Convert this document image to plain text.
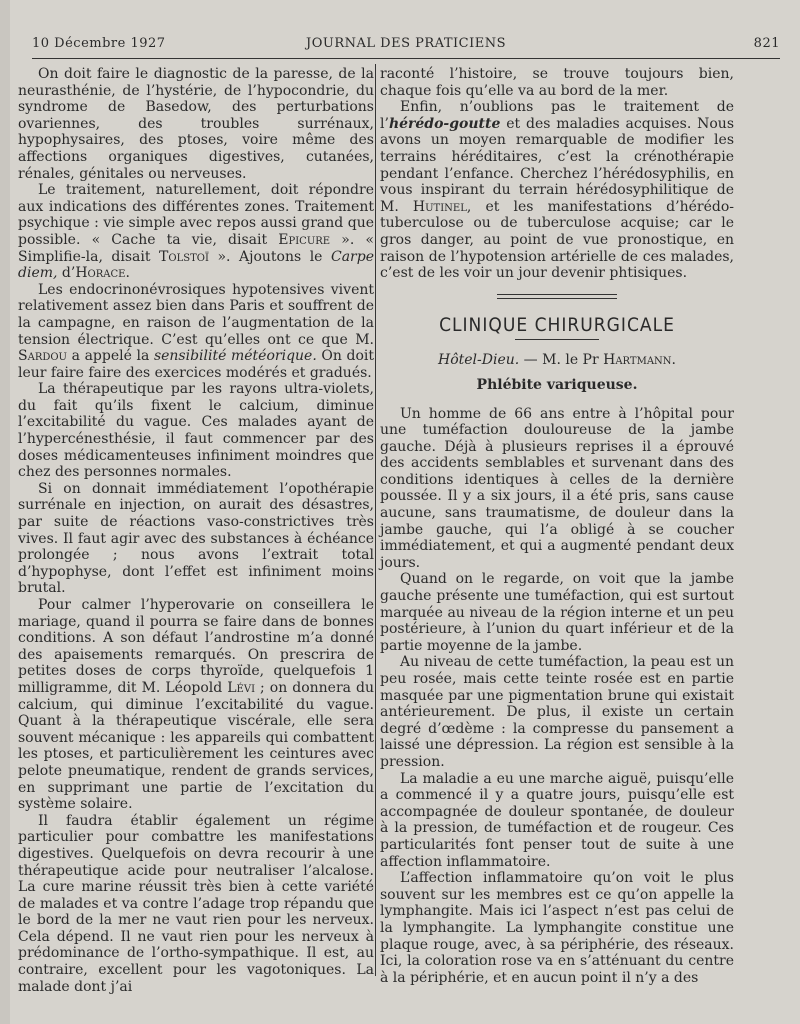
10 Décembre 1927	JOURNAL DES PRATICIENS	821

On doit faire le diagnostic de la paresse, de la neurasthénie, de l’hystérie, de l’hypocondrie, du syndrome de Basedow, des perturbations ovariennes, des troubles surrénaux, hypophysaires, des ptoses, voire même des affections organiques digestives, cutanées, rénales, génitales ou nerveuses.

Le traitement, naturellement, doit répondre aux indications des différentes zones. Traitement psychique : vie simple avec repos aussi grand que possible. « Cache ta vie, disait Epicure ». « Simplifie-la, disait Tolstoï ». Ajoutons le Carpe diem, d’Horace.

Les endocrinonévrosiques hypotensives vivent relativement assez bien dans Paris et souffrent de la campagne, en raison de l’augmentation de la tension électrique. C’est qu’elles ont ce que M. Sardou a appelé la sensibilité météorique. On doit leur faire faire des exercices modérés et gradués.

La thérapeutique par les rayons ultra-violets, du fait qu’ils fixent le calcium, diminue l’excitabilité du vague. Ces malades ayant de l’hypercénesthésie, il faut commencer par des doses médicamenteuses infiniment moindres que chez des personnes normales.

Si on donnait immédiatement l’opothérapie surrénale en injection, on aurait des désastres, par suite de réactions vaso-constrictives très vives. Il faut agir avec des substances à échéance prolongée ; nous avons l’extrait total d’hypophyse, dont l’effet est infiniment moins brutal.

Pour calmer l’hyperovarie on conseillera le mariage, quand il pourra se faire dans de bonnes conditions. A son défaut l’androstine m’a donné des apaisements remarqués. On prescrira de petites doses de corps thyroïde, quelquefois 1 milligramme, dit M. Léopold Lévi ; on donnera du calcium, qui diminue l’excitabilité du vague. Quant à la thérapeutique viscérale, elle sera souvent mécanique : les appareils qui combattent les ptoses, et particulièrement les ceintures avec pelote pneumatique, rendent de grands services, en supprimant une partie de l’excitation du système solaire.

Il faudra établir également un régime particulier pour combattre les manifestations digestives. Quelquefois on devra recourir à une thérapeutique acide pour neutraliser l’alcalose. La cure marine réussit très bien à cette variété de malades et va contre l’adage trop répandu que le bord de la mer ne vaut rien pour les nerveux. Cela dépend. Il ne vaut rien pour les nerveux à prédominance de l’ortho-sympathique. Il est, au contraire, excellent pour les vagotoniques. La malade dont j’ai

raconté l’histoire, se trouve toujours bien, chaque fois qu’elle va au bord de la mer.

Enfin, n’oublions pas le traitement de l’hérédo-goutte et des maladies acquises. Nous avons un moyen remarquable de modifier les terrains héréditaires, c’est la crénothérapie pendant l’enfance. Cherchez l’hérédosyphilis, en vous inspirant du terrain hérédosyphilitique de M. Hutinel, et les manifestations d’hérédo-tuberculose ou de tuberculose acquise; car le gros danger, au point de vue pronostique, en raison de l’hypotension artérielle de ces malades, c’est de les voir un jour devenir phtisiques.

CLINIQUE CHIRURGICALE
Hôtel-Dieu. — M. le Pr Hartmann.
Phlébite variqueuse.

Un homme de 66 ans entre à l’hôpital pour une tuméfaction douloureuse de la jambe gauche. Déjà à plusieurs reprises il a éprouvé des accidents semblables et survenant dans des conditions identiques à celles de la dernière poussée. Il y a six jours, il a été pris, sans cause aucune, sans traumatisme, de douleur dans la jambe gauche, qui l’a obligé à se coucher immédiatement, et qui a augmenté pendant deux jours.

Quand on le regarde, on voit que la jambe gauche présente une tuméfaction, qui est surtout marquée au niveau de la région interne et un peu postérieure, à l’union du quart inférieur et de la partie moyenne de la jambe.

Au niveau de cette tuméfaction, la peau est un peu rosée, mais cette teinte rosée est en partie masquée par une pigmentation brune qui existait antérieurement. De plus, il existe un certain degré d’œdème : la compresse du pansement a laissé une dépression. La région est sensible à la pression.

La maladie a eu une marche aiguë, puisqu’elle a commencé il y a quatre jours, puisqu’elle est accompagnée de douleur spontanée, de douleur à la pression, de tuméfaction et de rougeur. Ces particularités font penser tout de suite à une affection inflammatoire.

L’affection inflammatoire qu’on voit le plus souvent sur les membres est ce qu’on appelle la lymphangite. Mais ici l’aspect n’est pas celui de la lymphangite. La lymphangite constitue une plaque rouge, avec, à sa périphérie, des réseaux. Ici, la coloration rose va en s’atténuant du centre à la périphérie, et en aucun point il n’y a des
